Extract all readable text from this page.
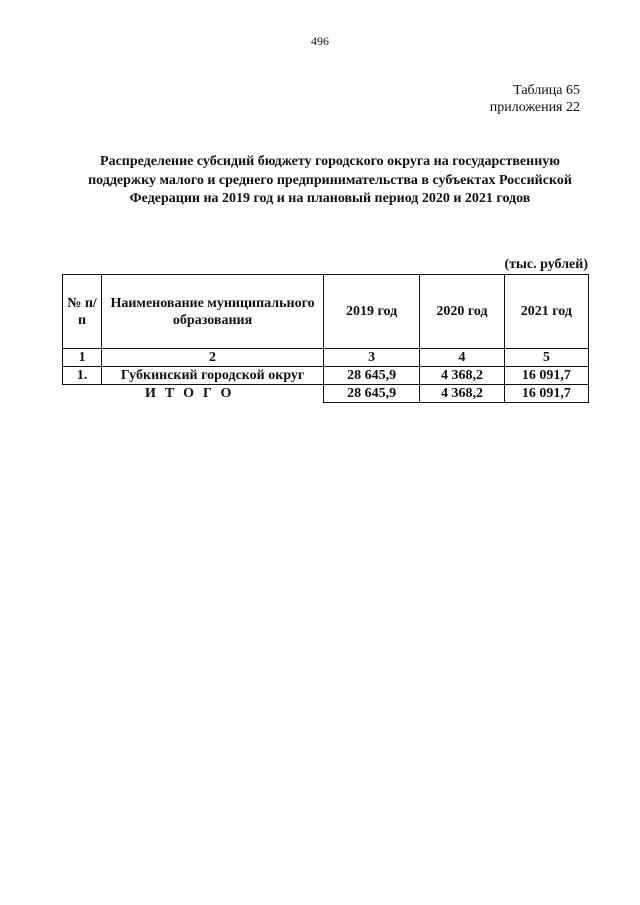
496
Таблица 65
приложения 22
Распределение субсидий бюджету городского округа на государственную поддержку малого и среднего предпринимательства в субъектах Российской Федерации на 2019 год и на плановый период 2020 и 2021 годов
(тыс. рублей)
№ п/п	Наименование муниципального образования	2019 год	2020 год	2021 год
1	2	3	4	5
1.	Губкинский городской округ	28 645,9	4 368,2	16 091,7
ИТОГО		28 645,9	4 368,2	16 091,7
